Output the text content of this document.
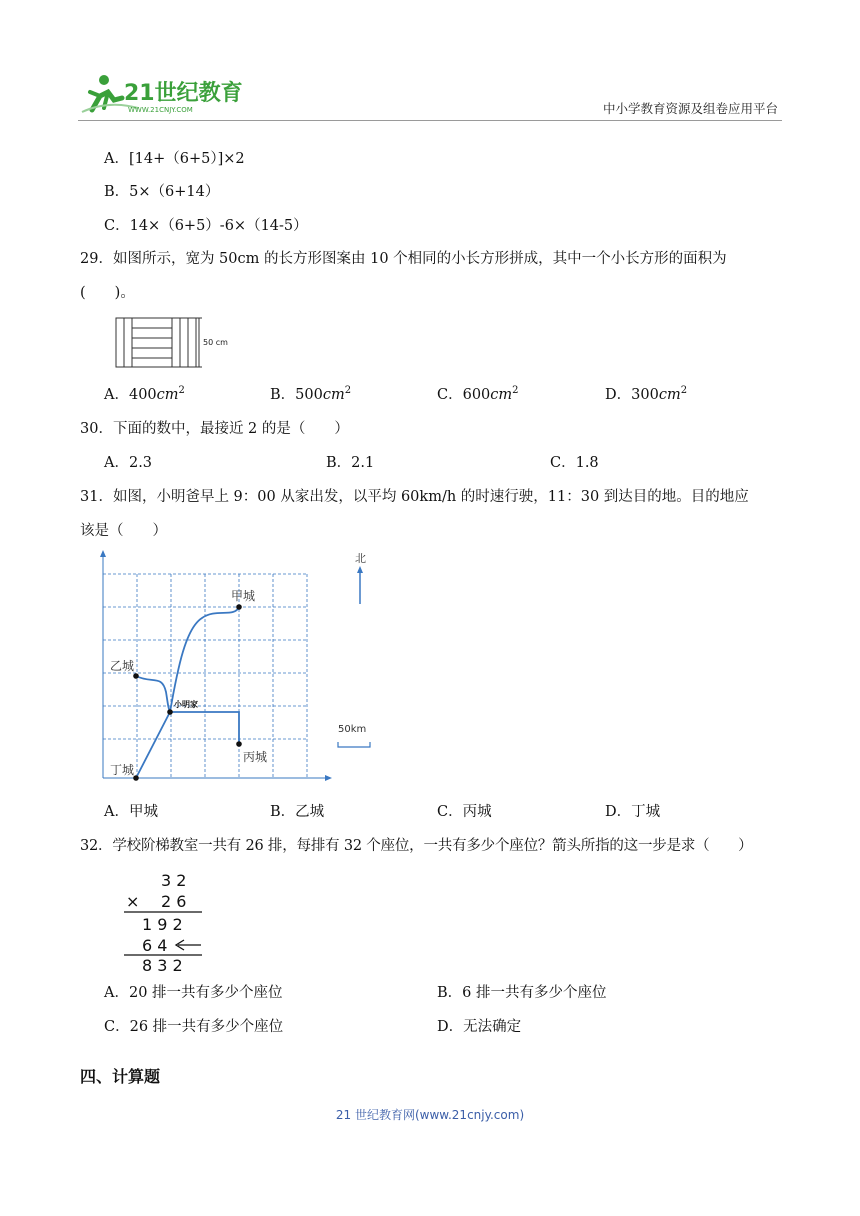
21世纪教育
WWW.21CNJY.COM	中小学教育资源及组卷应用平台
A．[14+（6+5）]×2
B．5×（6+14）
C．14×（6+5）-6×（14-5）
29．如图所示，宽为 50cm 的长方形图案由 10 个相同的小长方形拼成，其中一个小长方形的面积为
(　　)。
50 cm
A．$400cm^2$	B．$500cm^2$	C．$600cm^2$	D．$300cm^2$
30．下面的数中，最接近 2 的是（　　）
A．2.3	B．2.1	C．1.8
31．如图，小明爸早上 9：00 从家出发，以平均 60km/h 的时速行驶，11：30 到达目的地。目的地应
该是（　　）
甲城
乙城
小明家
丙城
丁城
北
50km
A．甲城	B．乙城	C．丙城	D．丁城
32．学校阶梯教室一共有 26 排，每排有 32 个座位，一共有多少个座位？箭头所指的这一步是求（　　）
3 2
× 2 6
1 9 2
6 4
8 3 2
A．20 排一共有多少个座位	B．6 排一共有多少个座位
C．26 排一共有多少个座位	D．无法确定
四、计算题
21 世纪教育网(www.21cnjy.com)
